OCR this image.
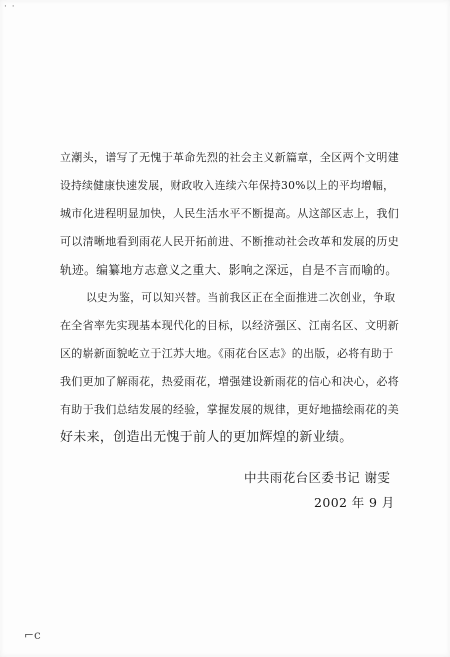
· ·
立潮头，谱写了无愧于革命先烈的社会主义新篇章，全区两个文明建
设持续健康快速发展，财政收入连续六年保持30%以上的平均增幅，
城市化进程明显加快，人民生活水平不断提高。从这部区志上，我们
可以清晰地看到雨花人民开拓前进、不断推动社会改革和发展的历史
轨迹。编纂地方志意义之重大、影响之深远，自是不言而喻的。
以史为鉴，可以知兴替。当前我区正在全面推进二次创业，争取
在全省率先实现基本现代化的目标，以经济强区、江南名区、文明新
区的崭新面貌屹立于江苏大地。《雨花台区志》的出版，必将有助于
我们更加了解雨花，热爱雨花，增强建设新雨花的信心和决心，必将
有助于我们总结发展的经验，掌握发展的规律，更好地描绘雨花的美
好未来，创造出无愧于前人的更加辉煌的新业绩。
中共雨花台区委书记 谢雯
2002 年 9 月
⌐c
